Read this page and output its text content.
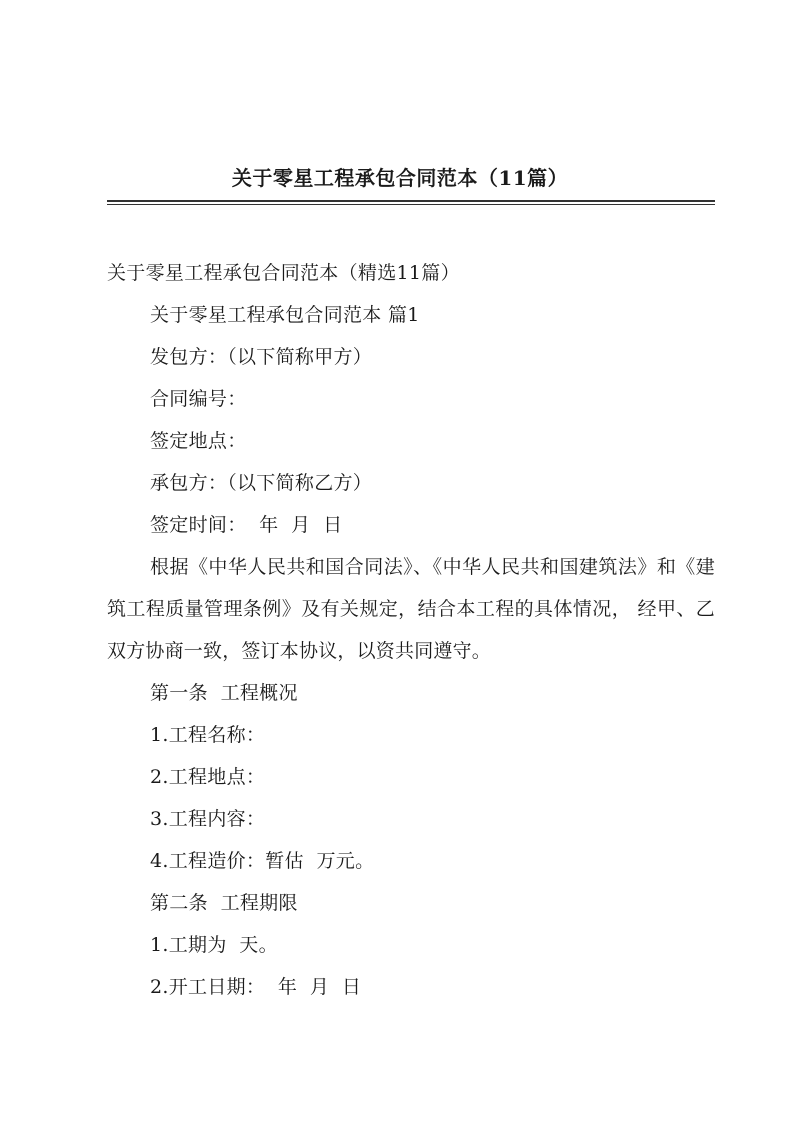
关于零星工程承包合同范本（11篇）

关于零星工程承包合同范本（精选11篇）

关于零星工程承包合同范本 篇1

发包方：（以下简称甲方）

合同编号：

签定地点：

承包方：（以下简称乙方）

签定时间：  年  月  日

根据《中华人民共和国合同法》、《中华人民共和国建筑法》和《建筑工程质量管理条例》及有关规定，结合本工程的具体情况， 经甲、乙双方协商一致，签订本协议，以资共同遵守。

第一条  工程概况

1.工程名称：

2.工程地点：

3.工程内容：

4.工程造价：暂估  万元。

第二条  工程期限

1.工期为  天。

2.开工日期：  年  月  日
